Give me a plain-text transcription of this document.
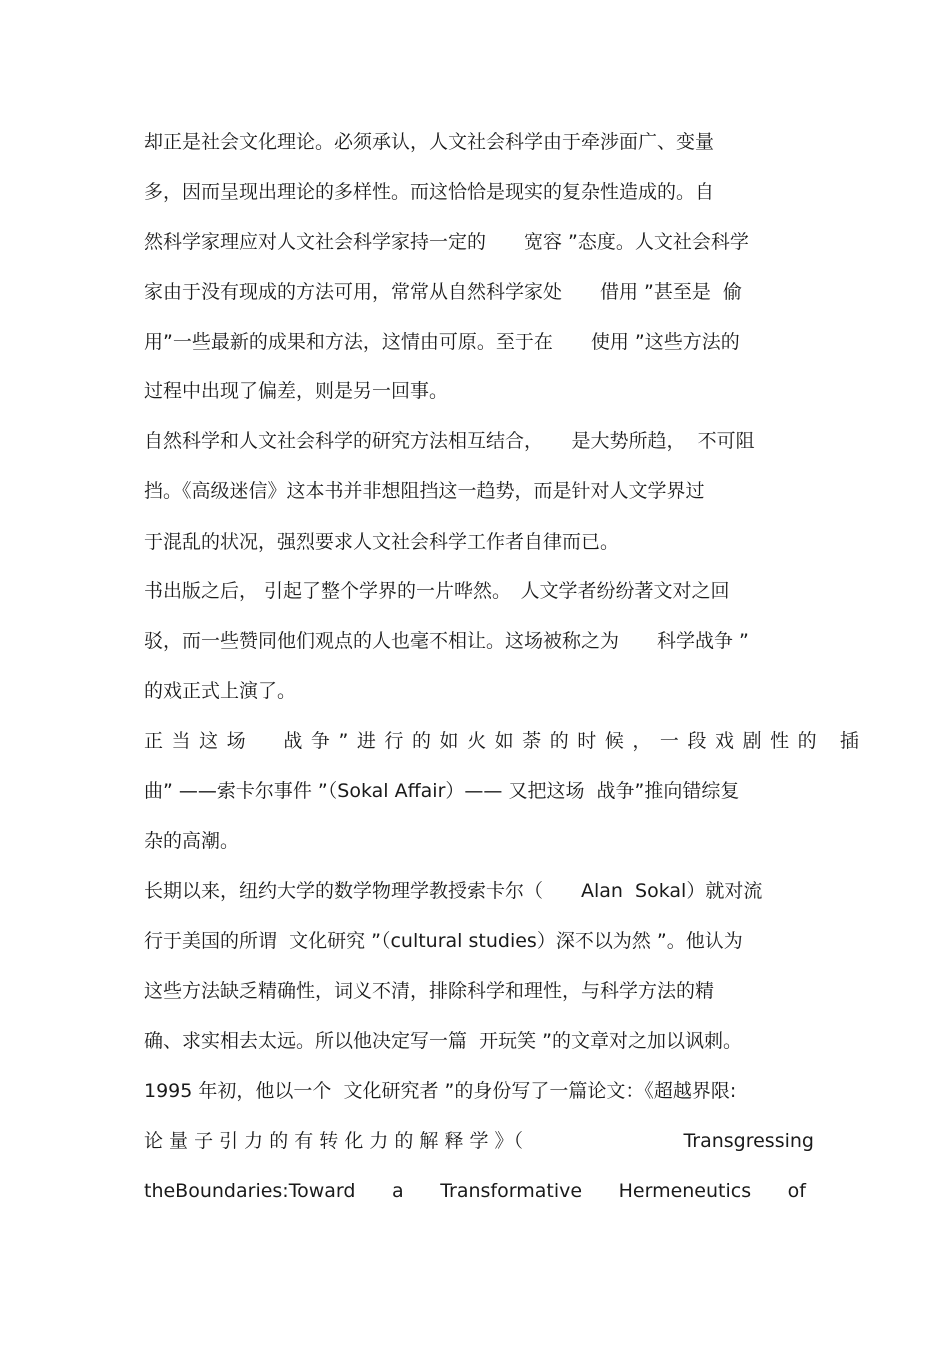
却正是社会文化理论。必须承认，人文社会科学由于牵涉面广、变量
多，因而呈现出理论的多样性。而这恰恰是现实的复杂性造成的。自
然科学家理应对人文社会科学家持一定的　　宽容 ”态度。人文社会科学
家由于没有现成的方法可用，常常从自然科学家处　　借用 ”甚至是  偷
用”一些最新的成果和方法，这情由可原。至于在　　使用 ”这些方法的
过程中出现了偏差，则是另一回事。
自然科学和人文社会科学的研究方法相互结合，　　是大势所趋，  不可阻
挡。《高级迷信》这本书并非想阻挡这一趋势，而是针对人文学界过
于混乱的状况，强烈要求人文社会科学工作者自律而已。
书出版之后， 引起了整个学界的一片哗然。　人文学者纷纷著文对之回
驳，而一些赞同他们观点的人也毫不相让。这场被称之为　　科学战争 ”
的戏正式上演了。
正当这场  战争”进行的如火如荼的时候，一段戏剧性的 插
曲” ——索卡尔事件 ”（Sokal Affair）—— 又把这场  战争”推向错综复
杂的高潮。
长期以来，纽约大学的数学物理学教授索卡尔（　　Alan  Sokal）就对流
行于美国的所谓  文化研究 ”（cultural studies）深不以为然 ”。他认为
这些方法缺乏精确性，词义不清，排除科学和理性，与科学方法的精
确、求实相去太远。所以他决定写一篇  开玩笑 ”的文章对之加以讽刺。
1995 年初，他以一个  文化研究者 ”的身份写了一篇论文：《超越界限:
论 量 子 引 力 的 有 转 化 力 的 解 释 学 》（	Transgressing
theBoundaries:Toward a Transformative Hermeneutics of
